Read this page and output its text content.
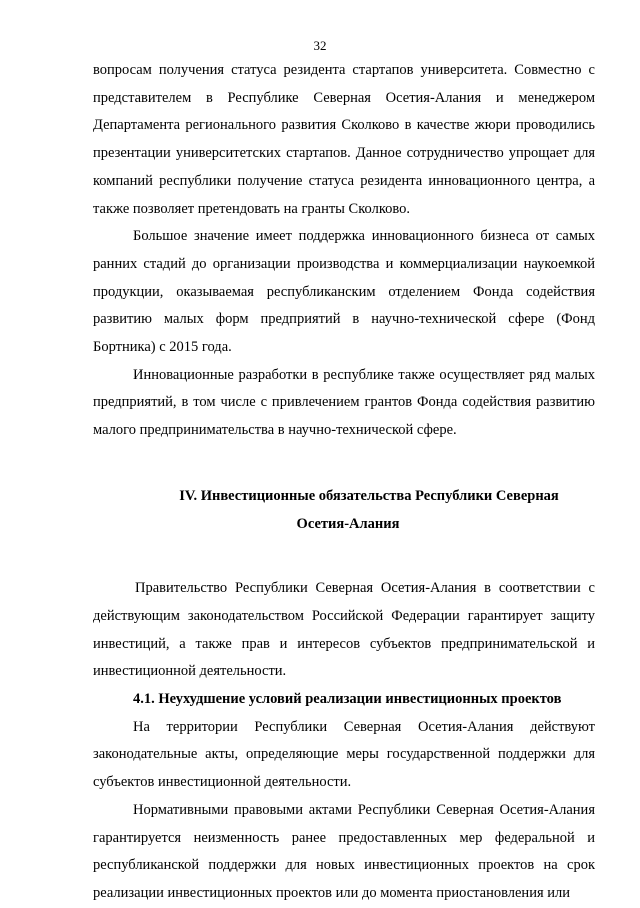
32

вопросам получения статуса резидента стартапов университета. Совместно с представителем в Республике Северная Осетия-Алания и менеджером Департамента регионального развития Сколково в качестве жюри проводились презентации университетских стартапов. Данное сотрудничество упрощает для компаний республики получение статуса резидента инновационного центра, а также позволяет претендовать на гранты Сколково.

Большое значение имеет поддержка инновационного бизнеса от самых ранних стадий до организации производства и коммерциализации наукоемкой продукции, оказываемая республиканским отделением Фонда содействия развитию малых форм предприятий в научно-технической сфере (Фонд Бортника) с 2015 года.

Инновационные разработки в республике также осуществляет ряд малых предприятий, в том числе с привлечением грантов Фонда содействия развитию малого предпринимательства в научно-технической сфере.

IV. Инвестиционные обязательства Республики Северная
Осетия-Алания

Правительство Республики Северная Осетия-Алания в соответствии с действующим законодательством Российской Федерации гарантирует защиту инвестиций, а также прав и интересов субъектов предпринимательской и инвестиционной деятельности.

4.1. Неухудшение условий реализации инвестиционных проектов

На территории Республики Северная Осетия-Алания действуют законодательные акты, определяющие меры государственной поддержки для субъектов инвестиционной деятельности.

Нормативными правовыми актами Республики Северная Осетия-Алания гарантируется неизменность ранее предоставленных мер федеральной и республиканской поддержки для новых инвестиционных проектов на срок реализации инвестиционных проектов или до момента приостановления или
